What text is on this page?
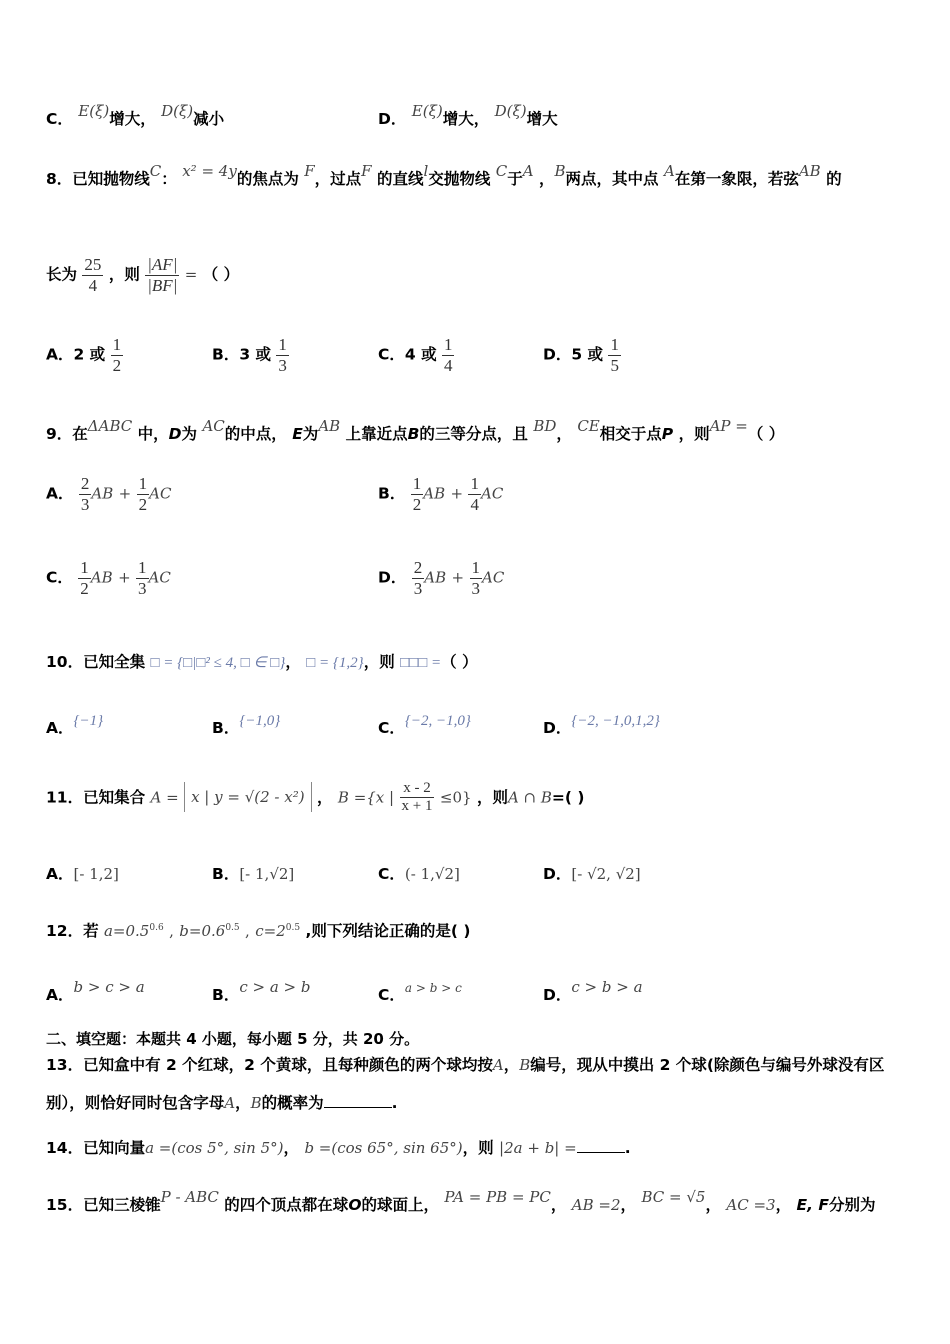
C． E(ξ)增大， D(ξ)减小	D． E(ξ)增大， D(ξ)增大
8．已知抛物线C： x² = 4y的焦点为 F，过点F 的直线l交抛物线 C于A ，B两点，其中点 A在第一象限，若弦AB 的
长为 $\frac{25}{4}$ ，则 $\frac{|AF|}{|BF|}$ = （ ）
A．2 或 $\frac{1}{2}$	B．3 或 $\frac{1}{3}$	C．4 或 $\frac{1}{4}$	D．5 或 $\frac{1}{5}$
9．在ΔABC 中，D为 AC的中点， E为AB 上靠近点B的三等分点，且 BD， CE相交于点P ，则AP =（ ）
A． $\frac{2}{3}$ AB + $\frac{1}{2}$ AC	B． $\frac{1}{2}$ AB + $\frac{1}{4}$ AC
C． $\frac{1}{2}$ AB + $\frac{1}{3}$ AC	D． $\frac{2}{3}$ AB + $\frac{1}{3}$ AC
10．已知全集 □ = {□|□² ≤ 4, □ ∈ □}， □ = {1,2}，则 □□□ =（ ）
A．{−1}	B．{−1,0}	C．{−2, −1,0}	D．{−2, −1,0,1,2}
11．已知集合 A = x | y = √(2 - x²) ， B ={x | $\frac{x - 2}{x + 1} \le 0$} ，则A ∩ B=( )
A．[- 1,2]	B．[- 1,√2]	C．(- 1,√2]	D．[- √2, √2]
12．若 $a=0.5^{0.6}$ , $b=0.6^{0.5}$ , $c=2^{0.5}$ ,则下列结论正确的是( )
A．b > c > a	B．c > a > b	C．$^{a > b > c}$	D．c > b > a
二、填空题：本题共 4 小题，每小题 5 分，共 20 分。
13．已知盒中有 2 个红球，2 个黄球，且每种颜色的两个球均按A，B编号，现从中摸出 2 个球(除颜色与编号外球没有区
别），则恰好同时包含字母A，B的概率为	.
14．已知向量a =(cos 5°, sin 5°)， b =(cos 65°, sin 65°)，则 |2a + b| =	.
15．已知三棱锥P - ABC 的四个顶点都在球O的球面上， PA = PB = PC， AB =2， BC = √5， AC =3， E, F分别为
